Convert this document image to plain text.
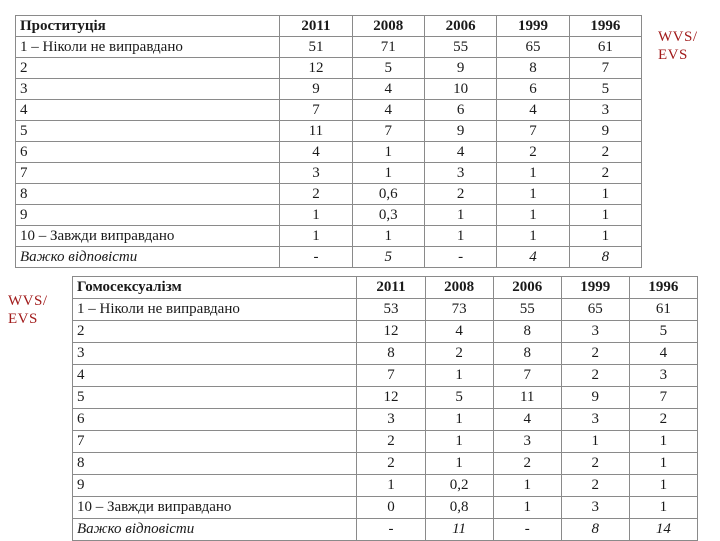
WVS/ EVS
WVS/ EVS
Проституція	2011	2008	2006	1999	1996
1 – Ніколи не виправдано	51	71	55	65	61
2	12	5	9	8	7
3	9	4	10	6	5
4	7	4	6	4	3
5	11	7	9	7	9
6	4	1	4	2	2
7	3	1	3	1	2
8	2	0,6	2	1	1
9	1	0,3	1	1	1
10 – Завжди виправдано	1	1	1	1	1
Важко відповісти	-	5	-	4	8
Гомосексуалізм	2011	2008	2006	1999	1996
1 – Ніколи не виправдано	53	73	55	65	61
2	12	4	8	3	5
3	8	2	8	2	4
4	7	1	7	2	3
5	12	5	11	9	7
6	3	1	4	3	2
7	2	1	3	1	1
8	2	1	2	2	1
9	1	0,2	1	2	1
10 – Завжди виправдано	0	0,8	1	3	1
Важко відповісти	-	11	-	8	14
